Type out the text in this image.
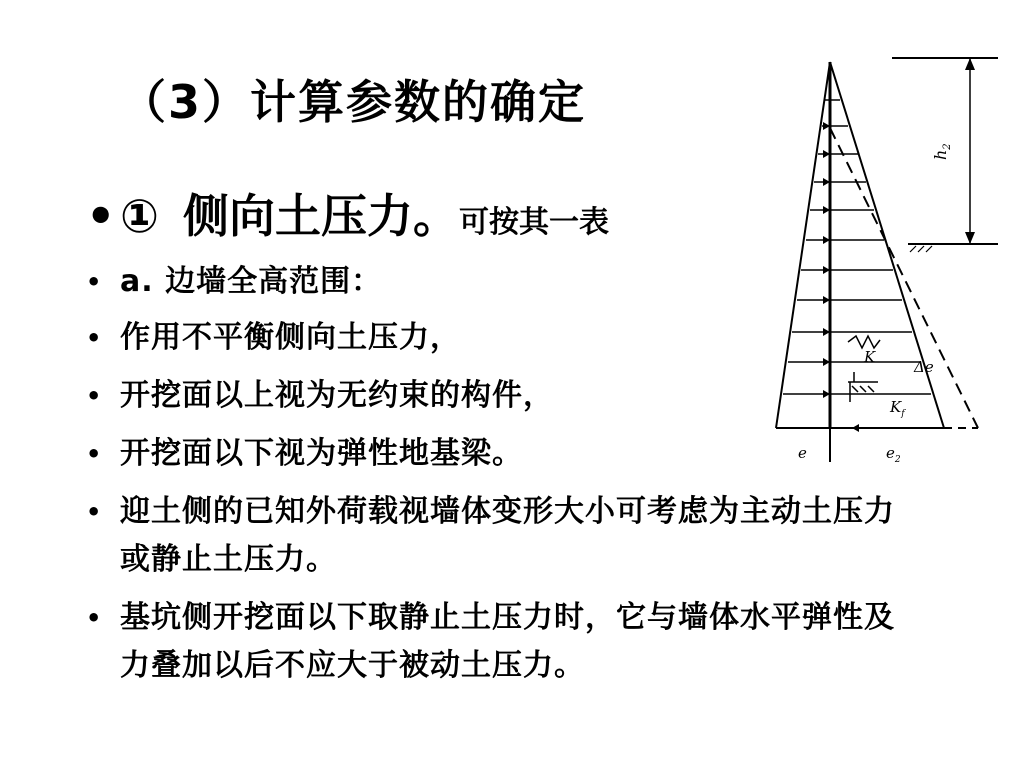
（3）计算参数的确定
•① 侧向土压力。可按其一表
• a. 边墙全高范围：
• 作用不平衡侧向土压力，
• 开挖面以上视为无约束的构件，
• 开挖面以下视为弹性地基梁。
• 迎土侧的已知外荷载视墙体变形大小可考虑为主动土压力或静止土压力。
• 基坑侧开挖面以下取静止土压力时，它与墙体水平弹性及力叠加以后不应大于被动土压力。
$h_2$
K
Δe
$K_f$
e	$e_2$
